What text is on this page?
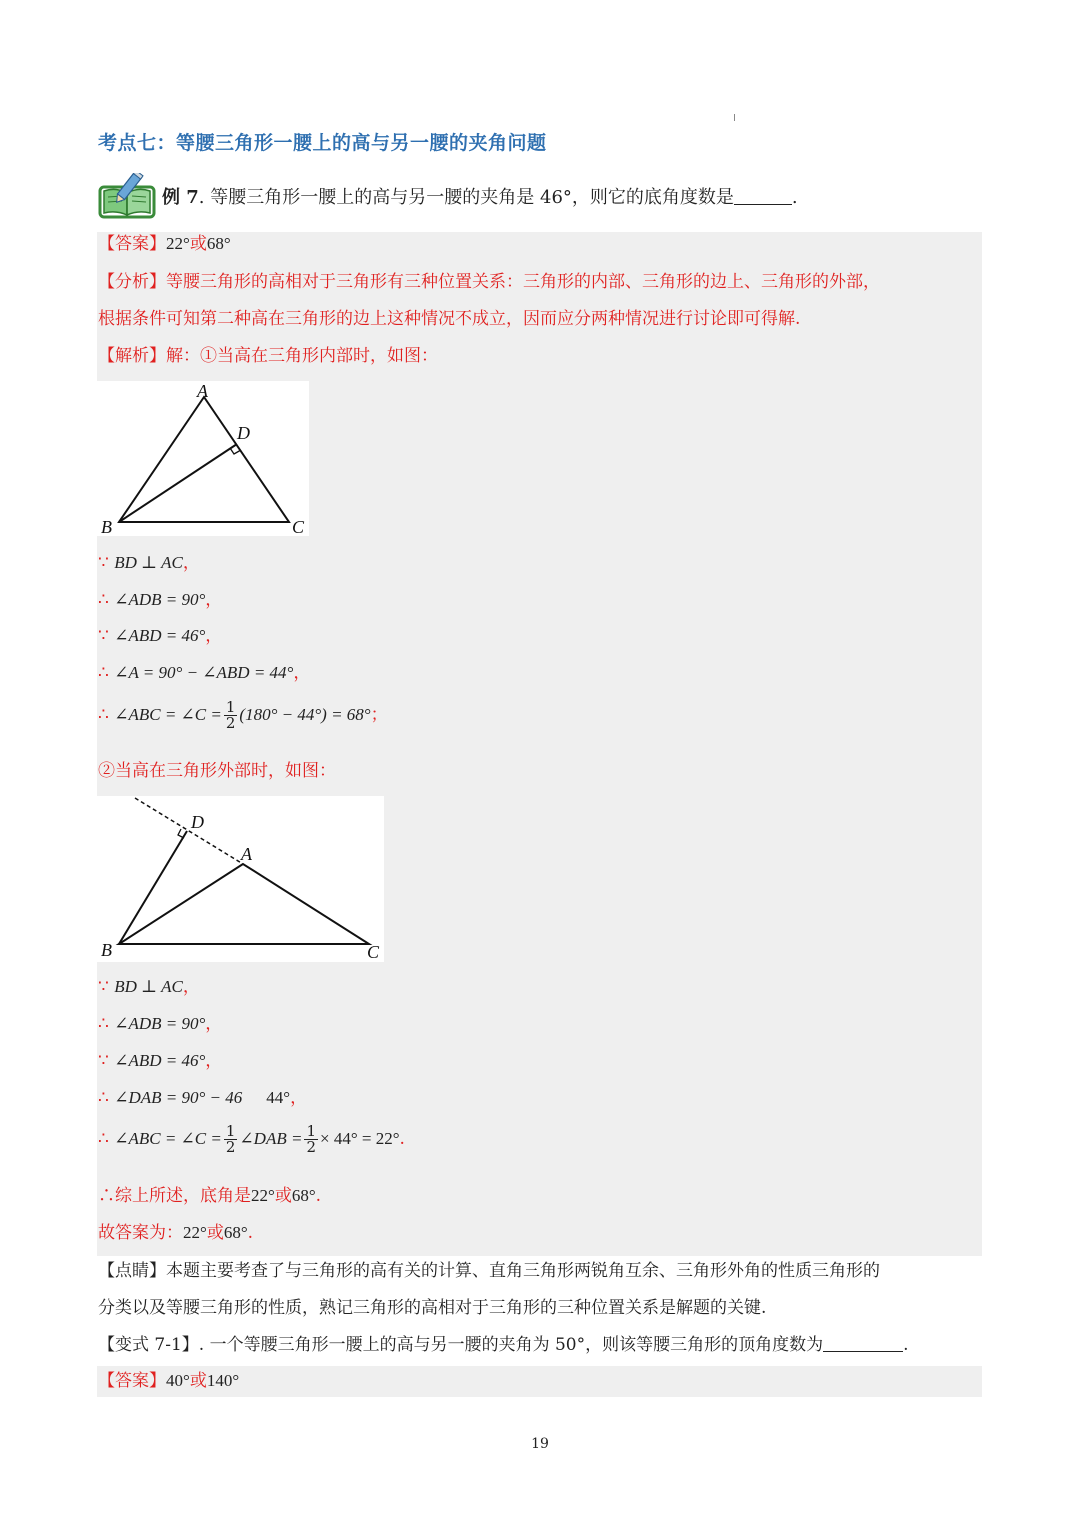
考点七：等腰三角形一腰上的高与另一腰的夹角问题
例 7. 等腰三角形一腰上的高与另一腰的夹角是 46°，则它的底角度数是	.
【答案】22°或68°
【分析】等腰三角形的高相对于三角形有三种位置关系：三角形的内部、三角形的边上、三角形的外部，
根据条件可知第二种高在三角形的边上这种情况不成立，因而应分两种情况进行讨论即可得解.
【解析】解：①当高在三角形内部时，如图：
A
D
B	C
∵ BD ⊥ AC，
∴ ∠ADB = 90°，
∵ ∠ABD = 46°，
∴ ∠A = 90° − ∠ABD = 44°，
∴ ∠ABC = ∠C = $\frac{1}{2} (180^\circ - 44^\circ) = 68^\circ$；
②当高在三角形外部时，如图：
D
A
B	C
∵ BD ⊥ AC，
∴ ∠ADB = 90°，
∵ ∠ABD = 46°，
∴ ∠DAB = 90° − 46 44°，
∴ ∠ABC = ∠C = $\frac{1}{2}$ ∠DAB = $\frac{1}{2} \times 44^\circ = 22^\circ$.
∴综上所述，底角是22°或68°.
故答案为：22°或68°.
【点睛】本题主要考查了与三角形的高有关的计算、直角三角形两锐角互余、三角形外角的性质三角形的
分类以及等腰三角形的性质，熟记三角形的高相对于三角形的三种位置关系是解题的关键.
【变式 7-1】. 一个等腰三角形一腰上的高与另一腰的夹角为 50°，则该等腰三角形的顶角度数为	.
【答案】40°或140°
19
